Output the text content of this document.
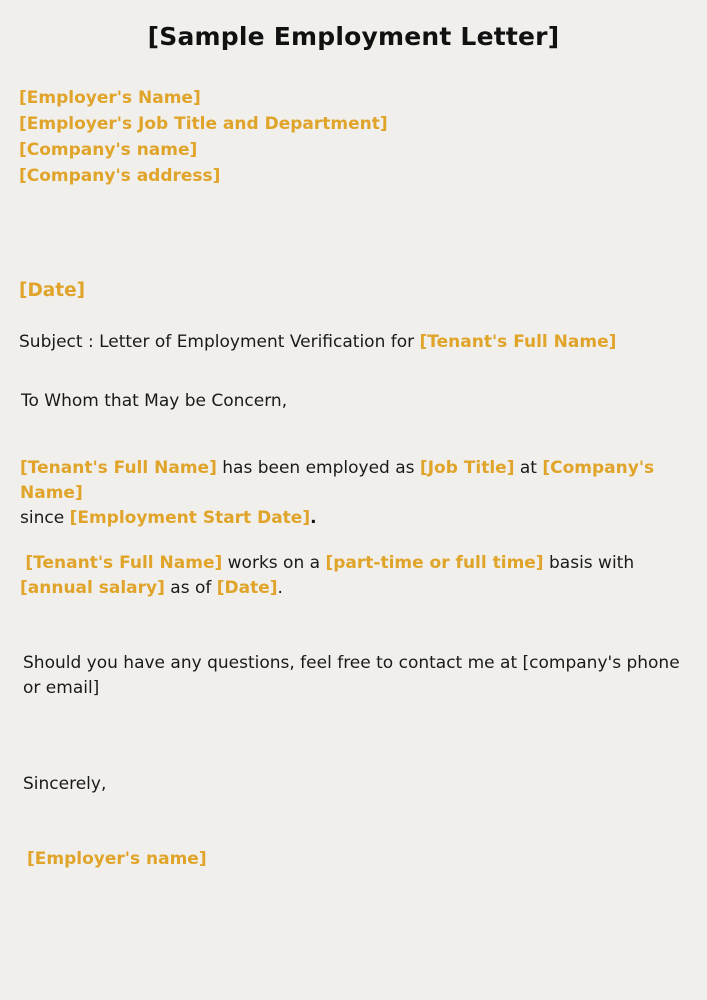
[Sample Employment Letter]
[Employer's Name]
[Employer's Job Title and Department]
[Company's name]
[Company's address]
[Date]
Subject : Letter of Employment Verification for [Tenant's Full Name]
To Whom that May be Concern,
[Tenant's Full Name] has been employed as [Job Title] at [Company's Name]
since [Employment Start Date].
[Tenant's Full Name] works on a [part-time or full time] basis with [annual salary] as of [Date].
Should you have any questions, feel free to contact me at [company's phone or email]
Sincerely,
[Employer's name]
